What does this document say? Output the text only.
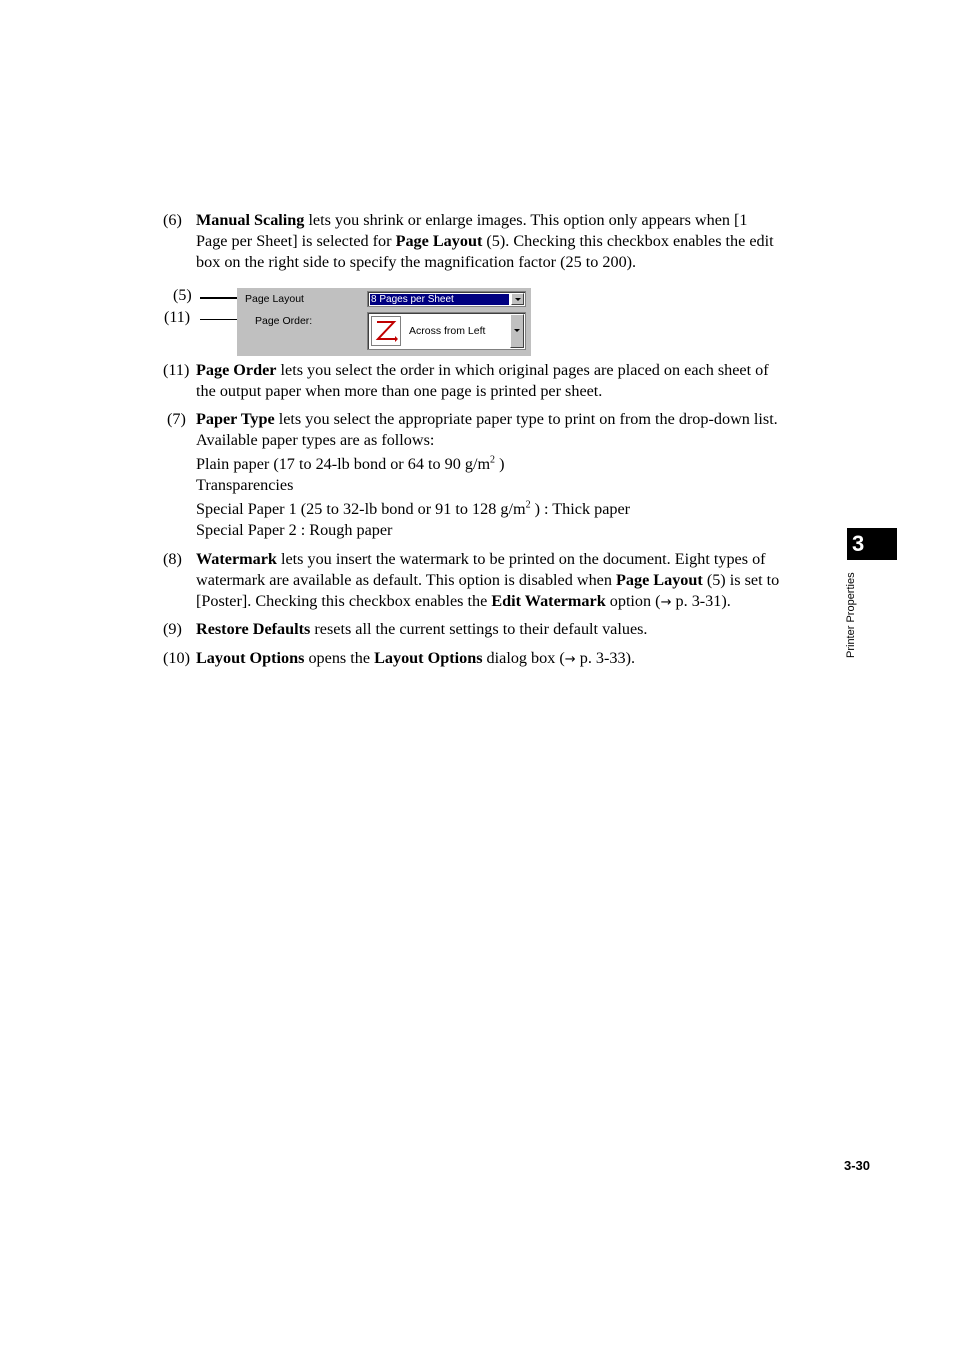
(6) Manual Scaling lets you shrink or enlarge images. This option only appears when [1
Page per Sheet] is selected for Page Layout (5). Checking this checkbox enables the edit
box on the right side to specify the magnification factor (25 to 200).
(5)
(11)
Page Layout	8 Pages per Sheet
Page Order:
Across from Left
(11) Page Order lets you select the order in which original pages are placed on each sheet of
the output paper when more than one page is printed per sheet.
(7) Paper Type lets you select the appropriate paper type to print on from the drop-down list.
Available paper types are as follows:
Plain paper (17 to 24-lb bond or 64 to 90 $g/m^2$ )
Transparencies
Special Paper 1 (25 to 32-lb bond or 91 to 128 $g/m^2$ ) : Thick paper
Special Paper 2 : Rough paper
(8) Watermark lets you insert the watermark to be printed on the document. Eight types of
watermark are available as default. This option is disabled when Page Layout (5) is set to
[Poster]. Checking this checkbox enables the Edit Watermark option (→ p. 3-31).
(9) Restore Defaults resets all the current settings to their default values.
(10) Layout Options opens the Layout Options dialog box (→ p. 3-33).
3
Printer Properties
3-30
